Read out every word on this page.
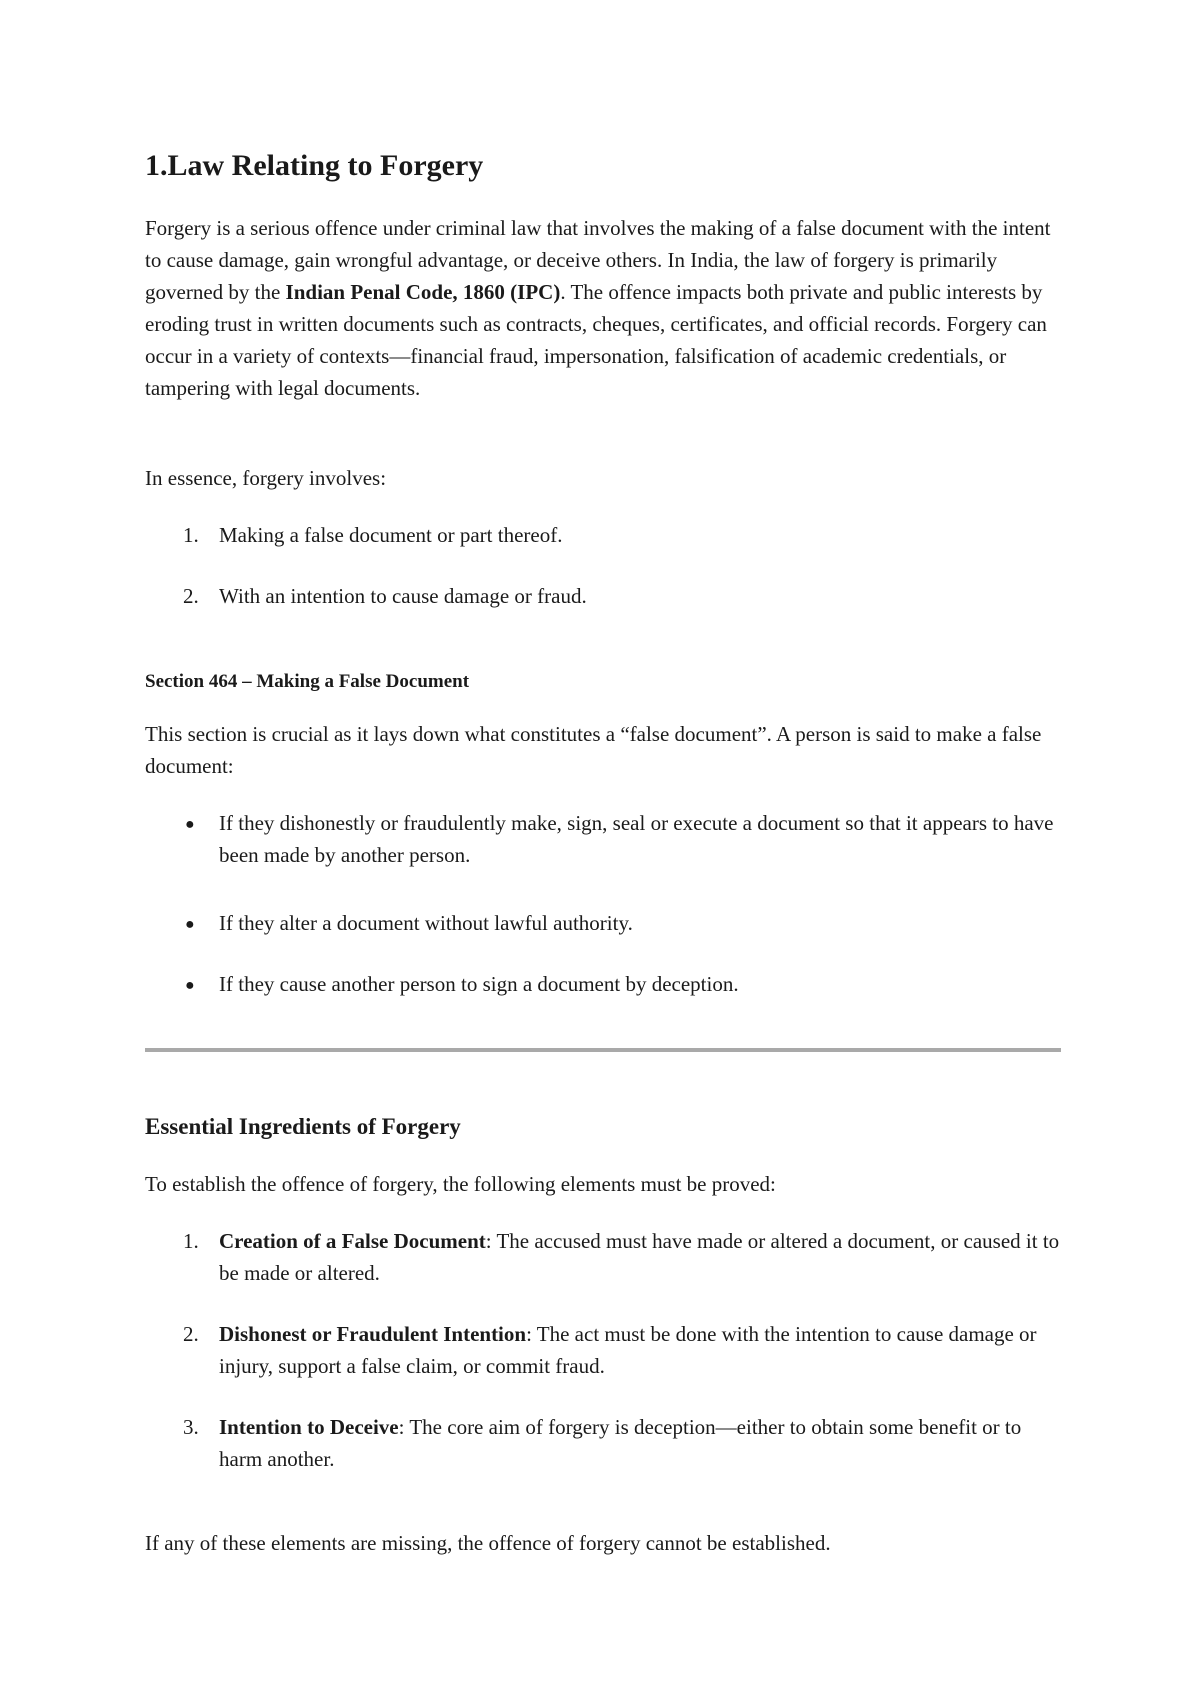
1.Law Relating to Forgery

Forgery is a serious offence under criminal law that involves the making of a false document with the intent to cause damage, gain wrongful advantage, or deceive others. In India, the law of forgery is primarily governed by the Indian Penal Code, 1860 (IPC). The offence impacts both private and public interests by eroding trust in written documents such as contracts, cheques, certificates, and official records. Forgery can occur in a variety of contexts—financial fraud, impersonation, falsification of academic credentials, or tampering with legal documents.

In essence, forgery involves:

1. Making a false document or part thereof.

2. With an intention to cause damage or fraud.

Section 464 – Making a False Document

This section is crucial as it lays down what constitutes a “false document”. A person is said to make a false document:

●	If they dishonestly or fraudulently make, sign, seal or execute a document so that it appears to have been made by another person.

●	If they alter a document without lawful authority.

●	If they cause another person to sign a document by deception.

Essential Ingredients of Forgery

To establish the offence of forgery, the following elements must be proved:

1. Creation of a False Document: The accused must have made or altered a document, or caused it to be made or altered.

2. Dishonest or Fraudulent Intention: The act must be done with the intention to cause damage or injury, support a false claim, or commit fraud.

3. Intention to Deceive: The core aim of forgery is deception—either to obtain some benefit or to harm another.

If any of these elements are missing, the offence of forgery cannot be established.
